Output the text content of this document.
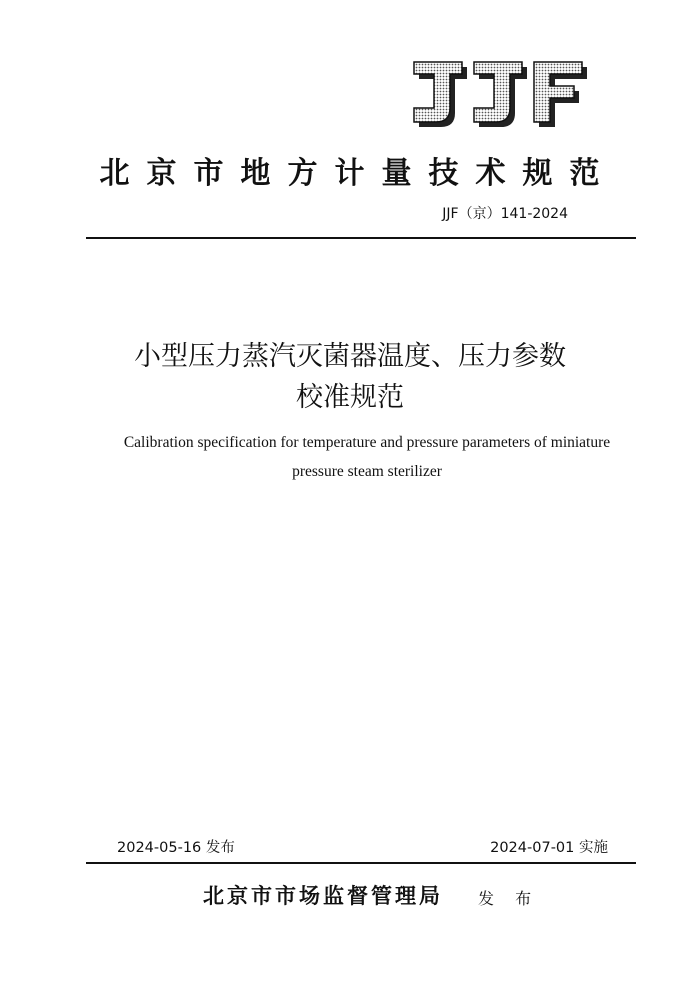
北京市地方计量技术规范
JJF（京）141-2024
小型压力蒸汽灭菌器温度、压力参数
校准规范
Calibration specification for temperature and pressure parameters of miniature
pressure steam sterilizer
2024-05-16 发布	2024-07-01 实施
北京市市场监督管理局 发 布
